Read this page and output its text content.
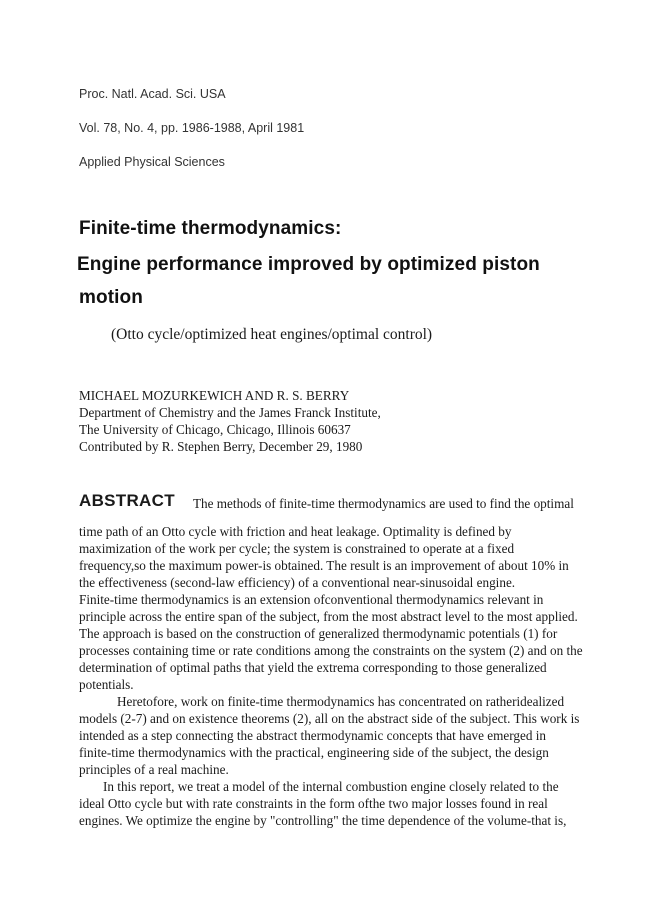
Proc. Natl. Acad. Sci. USA
Vol. 78, No. 4, pp. 1986-1988, April 1981
Applied Physical Sciences
Finite-time thermodynamics:
Engine performance improved by optimized piston
motion
(Otto cycle/optimized heat engines/optimal control)
MICHAEL MOZURKEWICH AND R. S. BERRY
Department of Chemistry and the James Franck Institute,
The University of Chicago, Chicago, Illinois 60637
Contributed by R. Stephen Berry, December 29, 1980
ABSTRACT The methods of finite-time thermodynamics are used to find the optimal
time path of an Otto cycle with friction and heat leakage. Optimality is defined by
maximization of the work per cycle; the system is constrained to operate at a fixed
frequency,so the maximum power-is obtained. The result is an improvement of about 10% in
the effectiveness (second-law efficiency) of a conventional near-sinusoidal engine.
Finite-time thermodynamics is an extension ofconventional thermodynamics relevant in
principle across the entire span of the subject, from the most abstract level to the most applied.
The approach is based on the construction of generalized thermodynamic potentials (1) for
processes containing time or rate conditions among the constraints on the system (2) and on the
determination of optimal paths that yield the extrema corresponding to those generalized
potentials.
Heretofore, work on finite-time thermodynamics has concentrated on ratheridealized
models (2-7) and on existence theorems (2), all on the abstract side of the subject. This work is
intended as a step connecting the abstract thermodynamic concepts that have emerged in
finite-time thermodynamics with the practical, engineering side of the subject, the design
principles of a real machine.
In this report, we treat a model of the internal combustion engine closely related to the
ideal Otto cycle but with rate constraints in the form ofthe two major losses found in real
engines. We optimize the engine by "controlling" the time dependence of the volume-that is,
